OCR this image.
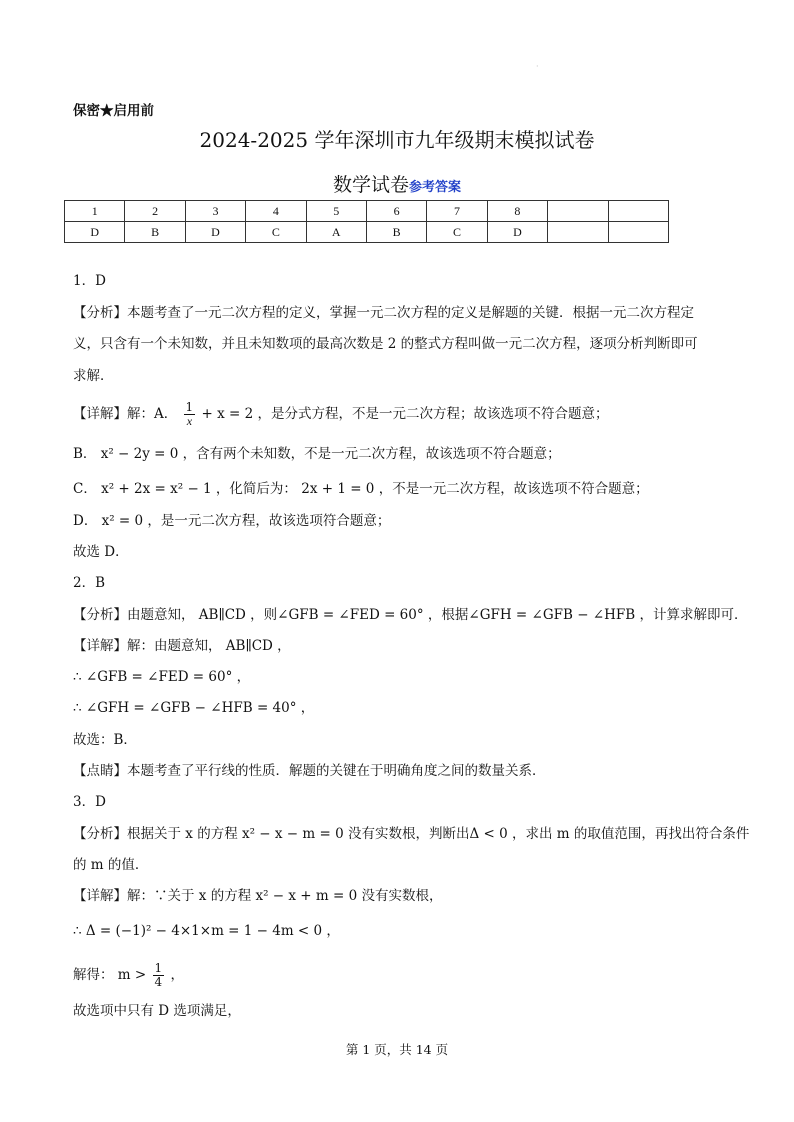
·
保密★启用前
2024-2025 学年深圳市九年级期末模拟试卷
数学试卷参考答案
1	2	3	4	5	6	7	8		
D	B	D	C	A	B	C	D		
1．D
【分析】本题考查了一元二次方程的定义，掌握一元二次方程的定义是解题的关键．根据一元二次方程定
义，只含有一个未知数，并且未知数项的最高次数是 2 的整式方程叫做一元二次方程，逐项分析判断即可
求解．
【详解】解：A． $\frac{1}{x} + x = 2$ ，是分式方程，不是一元二次方程；故该选项不符合题意；
B． x² − 2y = 0 ，含有两个未知数，不是一元二次方程，故该选项不符合题意；
C． x² + 2x = x² − 1 ，化简后为： 2x + 1 = 0 ，不是一元二次方程，故该选项不符合题意；
D． x² = 0 ，是一元二次方程，故该选项符合题意；
故选 D．
2．B
【分析】由题意知， AB∥CD ，则∠GFB = ∠FED = 60° ，根据∠GFH = ∠GFB − ∠HFB ，计算求解即可．
【详解】解：由题意知， AB∥CD ，
∴ ∠GFB = ∠FED = 60° ，
∴ ∠GFH = ∠GFB − ∠HFB = 40° ，
故选：B．
【点睛】本题考查了平行线的性质．解题的关键在于明确角度之间的数量关系．
3．D
【分析】根据关于 x 的方程 x² − x − m = 0 没有实数根，判断出Δ < 0 ，求出 m 的取值范围，再找出符合条件
的 m 的值．
【详解】解：∵关于 x 的方程 x² − x + m = 0 没有实数根，
∴ Δ = (−1)² − 4×1×m = 1 − 4m < 0 ，
解得： $m > \frac{1}{4}$ ，
故选项中只有 D 选项满足，
第 1 页，共 14 页
